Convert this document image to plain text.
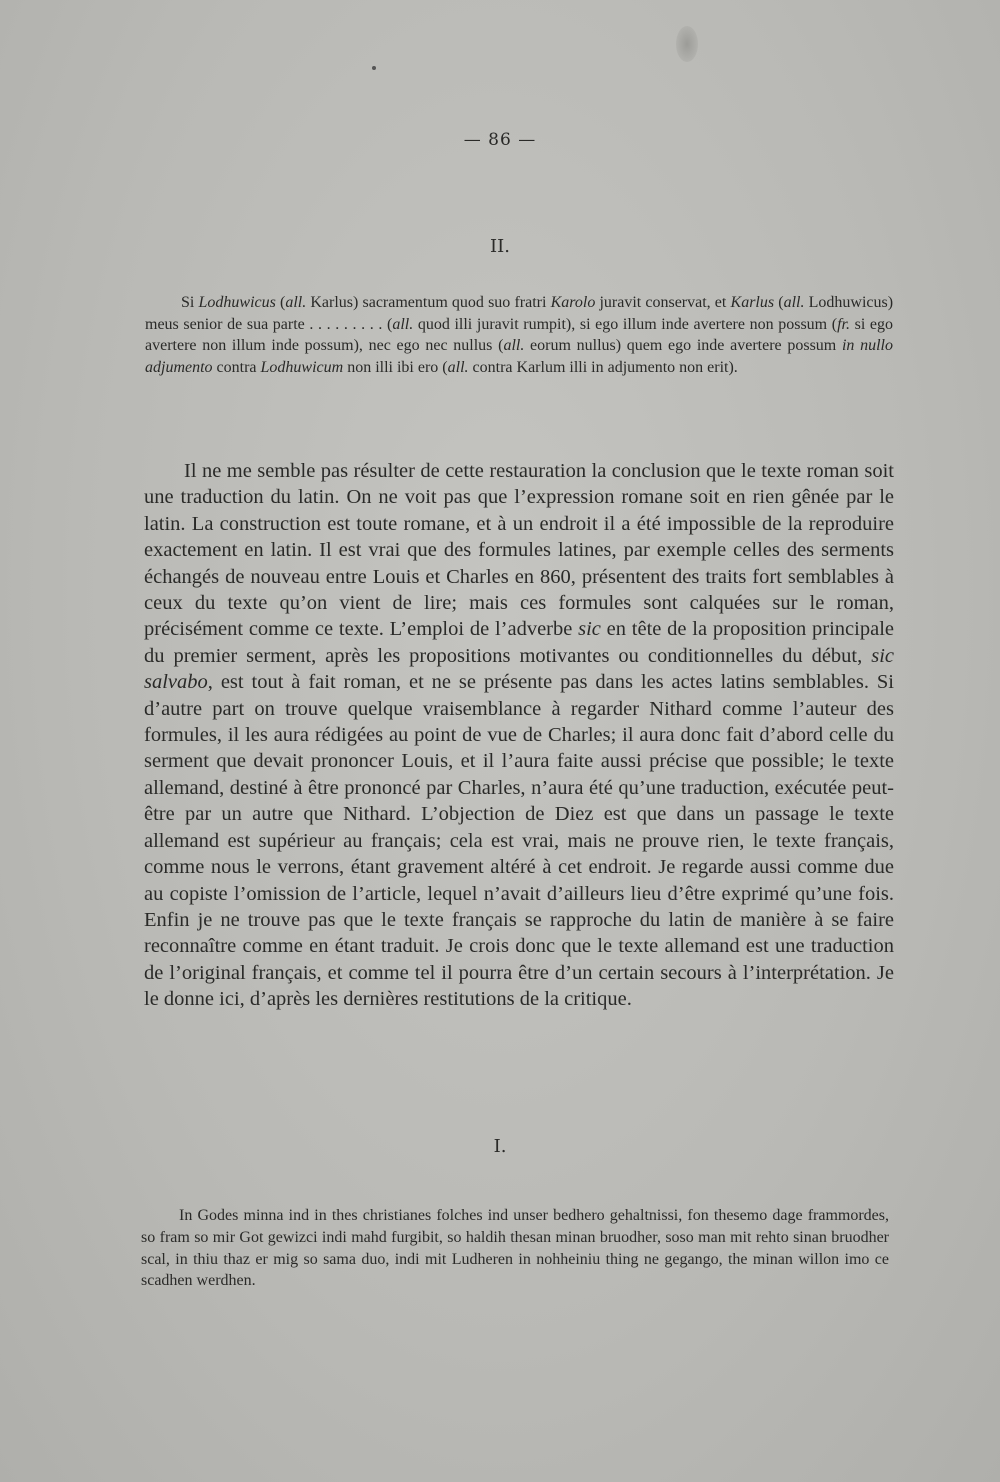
— 86 —
II.

Si Lodhuwicus (all. Karlus) sacramentum quod suo fratri Karolo juravit conservat, et Karlus (all. Lodhuwicus) meus senior de sua parte . . . . . . . . . (all. quod illi juravit rumpit), si ego illum inde avertere non possum (fr. si ego avertere non illum inde possum), nec ego nec nullus (all. eorum nullus) quem ego inde avertere possum in nullo adjumento contra Lodhuwicum non illi ibi ero (all. contra Karlum illi in adjumento non erit).

Il ne me semble pas résulter de cette restauration la conclusion que le texte roman soit une traduction du latin. On ne voit pas que l’expression romane soit en rien gênée par le latin. La construction est toute romane, et à un endroit il a été impossible de la reproduire exactement en latin. Il est vrai que des formules latines, par exemple celles des serments échangés de nouveau entre Louis et Charles en 860, présentent des traits fort semblables à ceux du texte qu’on vient de lire; mais ces formules sont calquées sur le roman, précisément comme ce texte. L’emploi de l’adverbe sic en tête de la proposition principale du premier serment, après les propositions motivantes ou conditionnelles du début, sic salvabo, est tout à fait roman, et ne se présente pas dans les actes latins semblables. Si d’autre part on trouve quelque vraisemblance à regarder Nithard comme l’auteur des formules, il les aura rédigées au point de vue de Charles; il aura donc fait d’abord celle du serment que devait prononcer Louis, et il l’aura faite aussi précise que possible; le texte allemand, destiné à être prononcé par Charles, n’aura été qu’une traduction, exécutée peut-être par un autre que Nithard. L’objection de Diez est que dans un passage le texte allemand est supérieur au français; cela est vrai, mais ne prouve rien, le texte français, comme nous le verrons, étant gravement altéré à cet endroit. Je regarde aussi comme due au copiste l’omission de l’article, lequel n’avait d’ailleurs lieu d’être exprimé qu’une fois. Enfin je ne trouve pas que le texte français se rapproche du latin de manière à se faire reconnaître comme en étant traduit. Je crois donc que le texte allemand est une traduction de l’original français, et comme tel il pourra être d’un certain secours à l’interprétation. Je le donne ici, d’après les dernières restitutions de la critique.

I.

In Godes minna ind in thes christianes folches ind unser bedhero gehaltnissi, fon thesemo dage frammordes, so fram so mir Got gewizci indi mahd furgibit, so haldih thesan minan bruodher, soso man mit rehto sinan bruodher scal, in thiu thaz er mig so sama duo, indi mit Ludheren in nohheiniu thing ne gegango, the minan willon imo ce scadhen werdhen.
